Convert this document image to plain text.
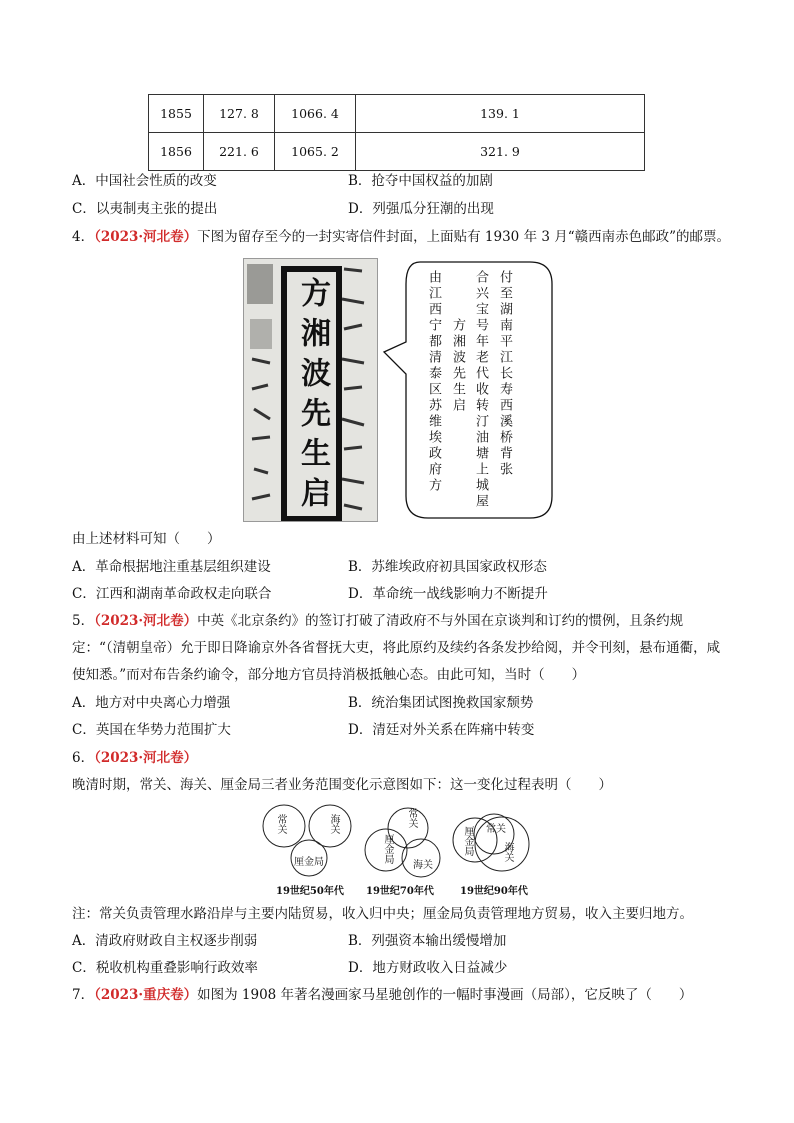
1855	127. 8	1066. 4	139. 1
1856	221. 6	1065. 2	321. 9
A．中国社会性质的改变	B．抢夺中国权益的加剧
C．以夷制夷主张的提出	D．列强瓜分狂潮的出现
4．（2023·河北卷）下图为留存至今的一封实寄信件封面，上面贴有 1930 年 3 月“赣西南赤色邮政”的邮票。
方湘波先生启	付至湖南平江长寿西溪桥背张
合兴宝号年老代收转汀油塘上城屋
方湘波先生启
由江西宁都清泰区苏维埃政府方
由上述材料可知（　　）
A．革命根据地注重基层组织建设	B．苏维埃政府初具国家政权形态
C．江西和湖南革命政权走向联合	D．革命统一战线影响力不断提升
5．（2023·河北卷）中英《北京条约》的签订打破了清政府不与外国在京谈判和订约的惯例，且条约规定：“（清朝皇帝）允于即日降谕京外各省督抚大吏，将此原约及续约各条发抄给阅，并令刊刻，悬布通衢，咸使知悉。”而对布告条约谕令，部分地方官员持消极抵触心态。由此可知，当时（　　）
A．地方对中央离心力增强	B．统治集团试图挽救国家颓势
C．英国在华势力范围扩大	D．清廷对外关系在阵痛中转变
6．（2023·河北卷）晚清时期，常关、海关、厘金局三者业务范围变化示意图如下：这一变化过程表明（　　）
常关	海关
厘金局
常关
厘金局
海关
厘金局 常关
海关
19世纪50年代 19世纪70年代	19世纪90年代
注：常关负责管理水路沿岸与主要内陆贸易，收入归中央；厘金局负责管理地方贸易，收入主要归地方。
A．清政府财政自主权逐步削弱	B．列强资本输出缓慢增加
C．税收机构重叠影响行政效率	D．地方财政收入日益减少
7．（2023·重庆卷）如图为 1908 年著名漫画家马星驰创作的一幅时事漫画（局部），它反映了（　　）
